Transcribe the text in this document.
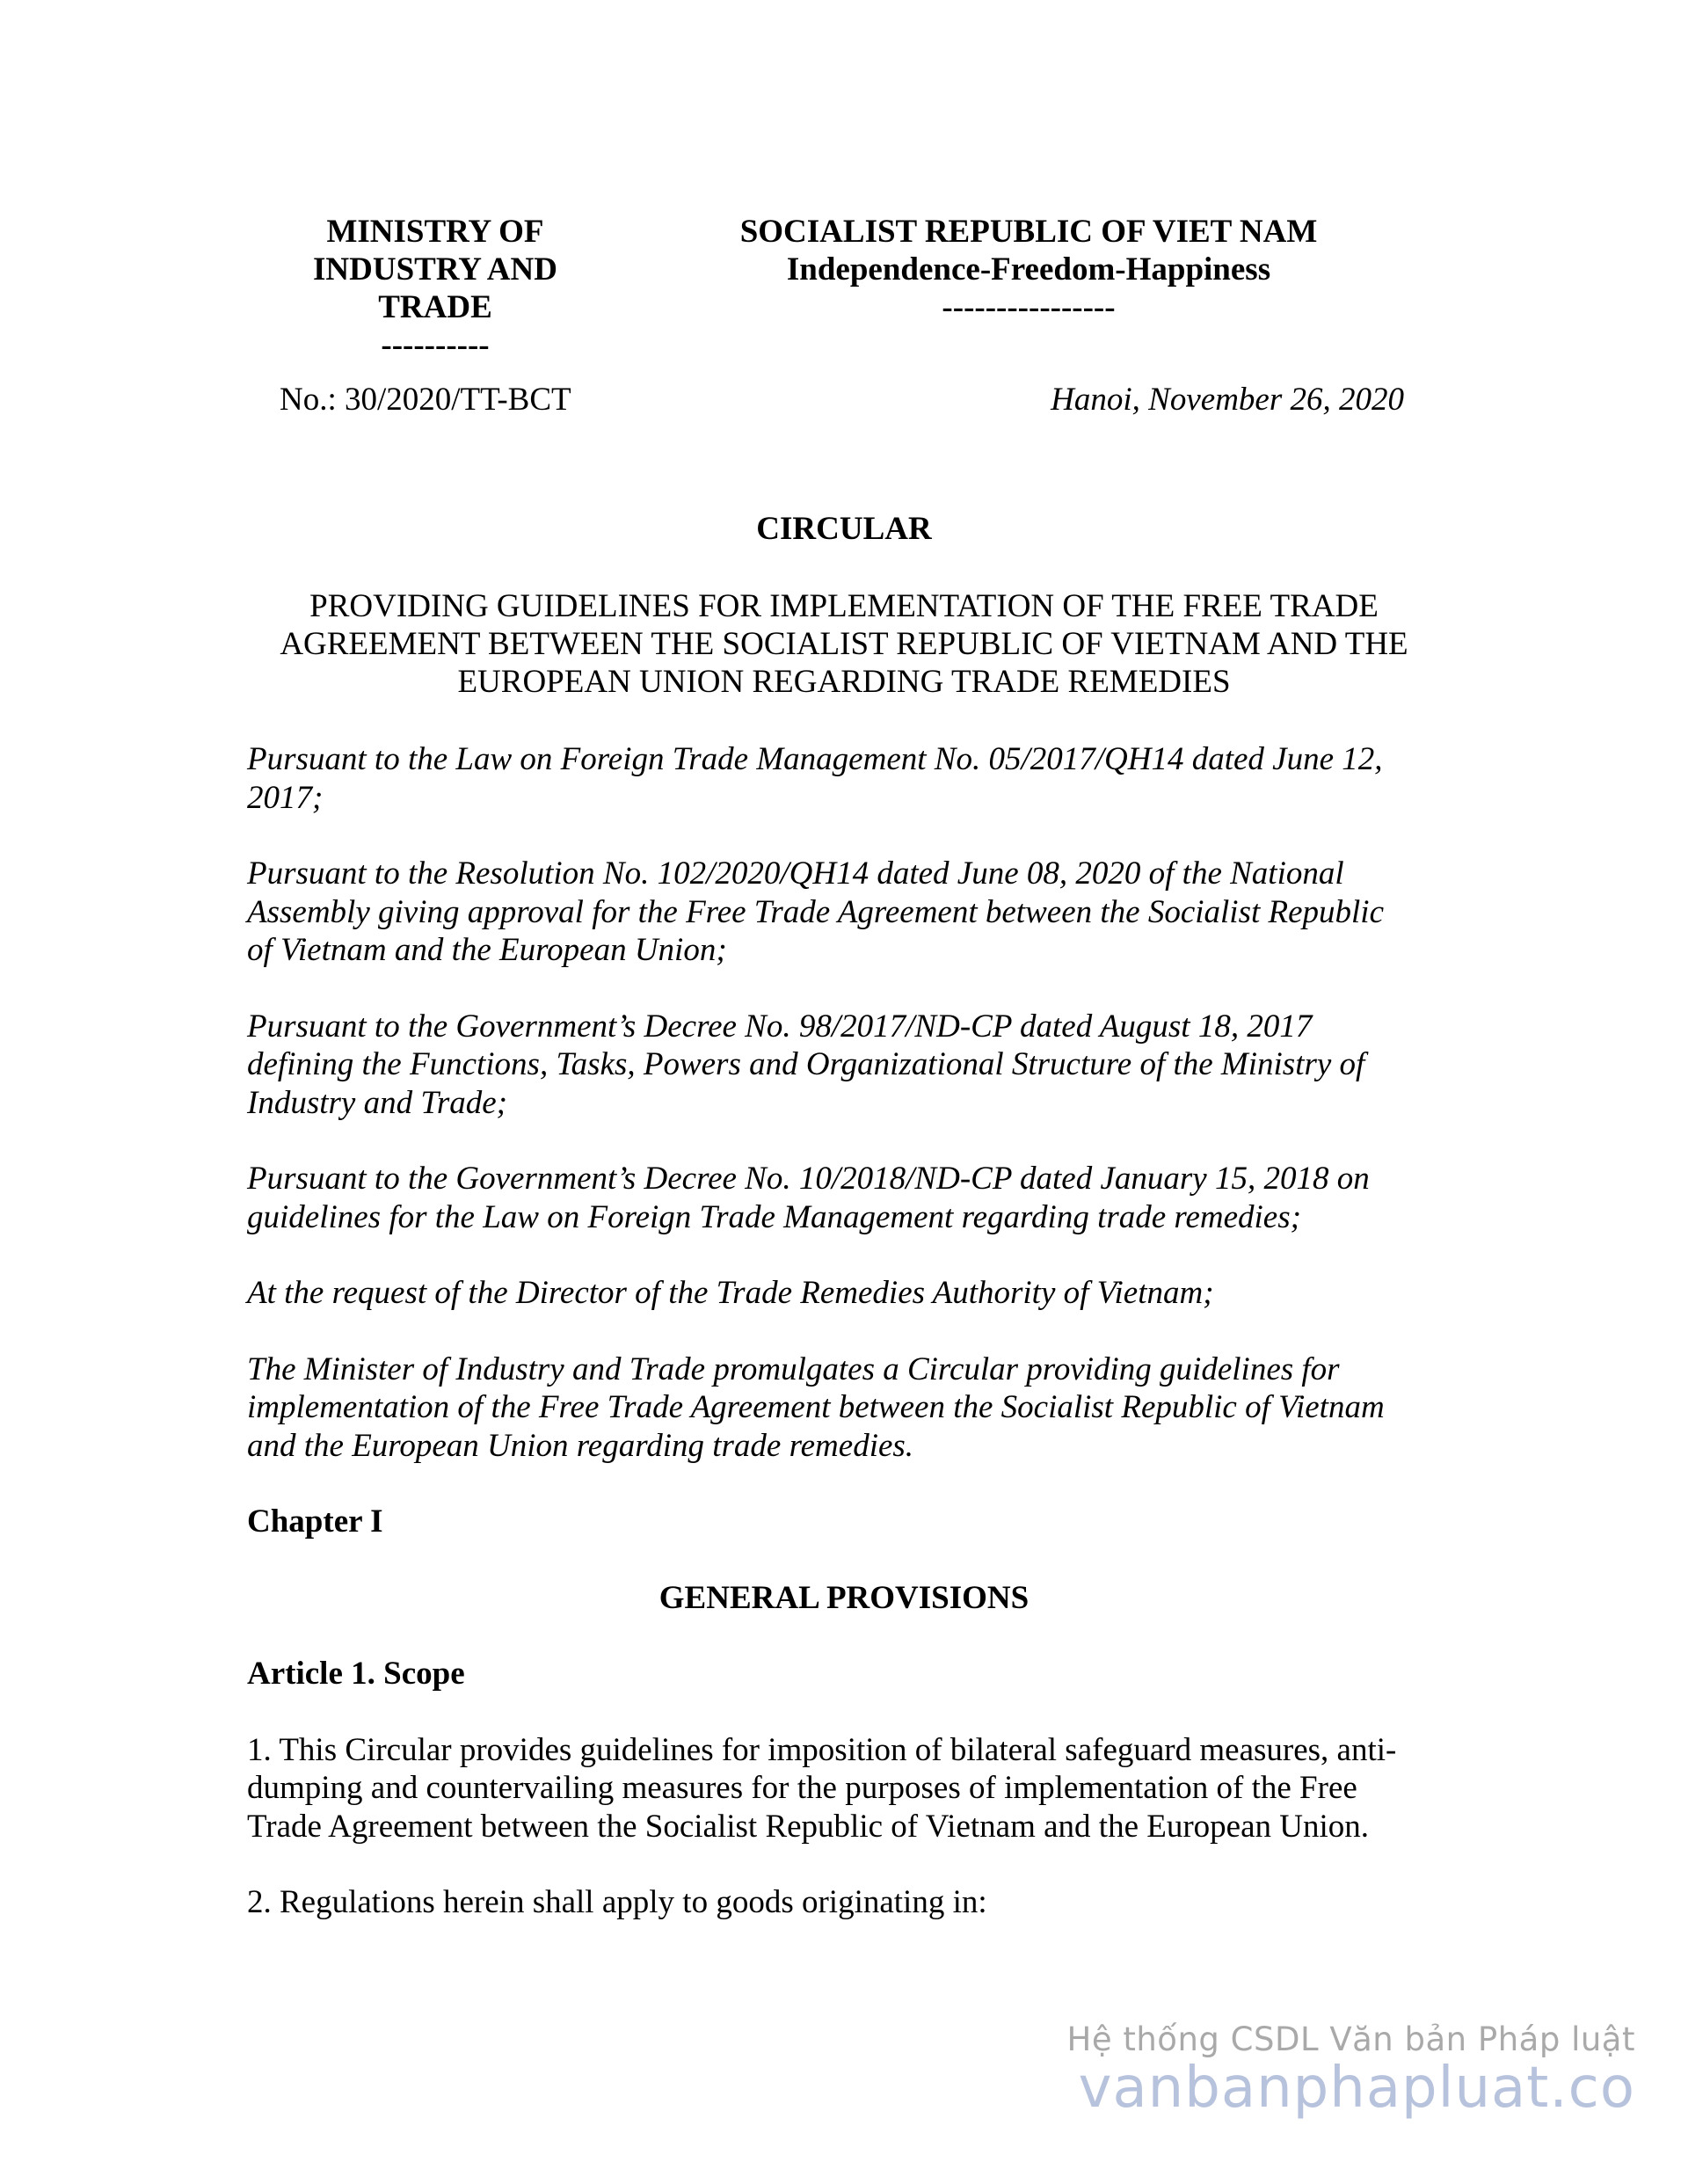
MINISTRY OF
INDUSTRY AND
TRADE
----------
SOCIALIST REPUBLIC OF VIET NAM
Independence-Freedom-Happiness
----------------
No.: 30/2020/TT-BCT	Hanoi, November 26, 2020
CIRCULAR
PROVIDING GUIDELINES FOR IMPLEMENTATION OF THE FREE TRADE
AGREEMENT BETWEEN THE SOCIALIST REPUBLIC OF VIETNAM AND THE
EUROPEAN UNION REGARDING TRADE REMEDIES
Pursuant to the Law on Foreign Trade Management No. 05/2017/QH14 dated June 12,
2017;
Pursuant to the Resolution No. 102/2020/QH14 dated June 08, 2020 of the National
Assembly giving approval for the Free Trade Agreement between the Socialist Republic
of Vietnam and the European Union;
Pursuant to the Government’s Decree No. 98/2017/ND-CP dated August 18, 2017
defining the Functions, Tasks, Powers and Organizational Structure of the Ministry of
Industry and Trade;
Pursuant to the Government’s Decree No. 10/2018/ND-CP dated January 15, 2018 on
guidelines for the Law on Foreign Trade Management regarding trade remedies;
At the request of the Director of the Trade Remedies Authority of Vietnam;
The Minister of Industry and Trade promulgates a Circular providing guidelines for
implementation of the Free Trade Agreement between the Socialist Republic of Vietnam
and the European Union regarding trade remedies.
Chapter I
GENERAL PROVISIONS
Article 1. Scope
1. This Circular provides guidelines for imposition of bilateral safeguard measures, anti-
dumping and countervailing measures for the purposes of implementation of the Free
Trade Agreement between the Socialist Republic of Vietnam and the European Union.
2. Regulations herein shall apply to goods originating in:
Hệ thống CSDL Văn bản Pháp luật
vanbanphapluat.co
